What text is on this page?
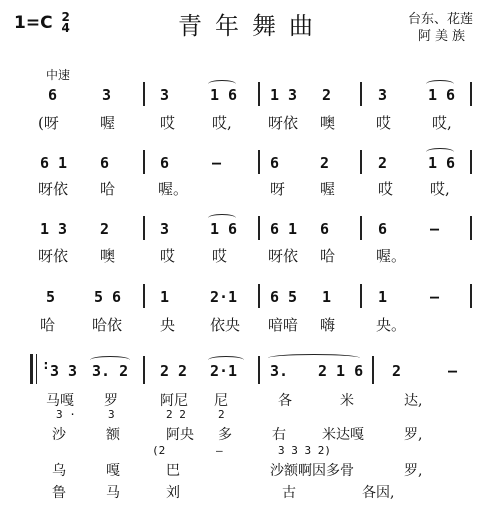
1=C 2
4	青年舞曲	台东、花莲
阿美族
中速
6	3	3	1 6 1 3 2	3	1 6
(呀	喔	哎 哎, 呀依 噢	哎	哎,
6 1 6	6	–	6	2	2	1 6
呀依 哈	喔。	呀 喔	哎 哎,
1 3 2	3	1 6 6 1 6	6	–
呀依 噢	哎 哎	呀依 哈	喔。
5	5 6	1	2·1 6 5 1	1	–
哈 哈依	央 依央 喑喑 嗨	央。
: 3 3 3. 2 2 2 2·1 3. 2 1 6 2	–
马嘎 罗	阿尼 尼	各	米	达,
3 ·	3	2 2	2
沙	额	阿央 多	右	米达嘎	罗,
(2	–	3 3 3 2)
乌	嘎	巴	沙额啊因多骨	罗,
鲁	马	刘	古	各因,
